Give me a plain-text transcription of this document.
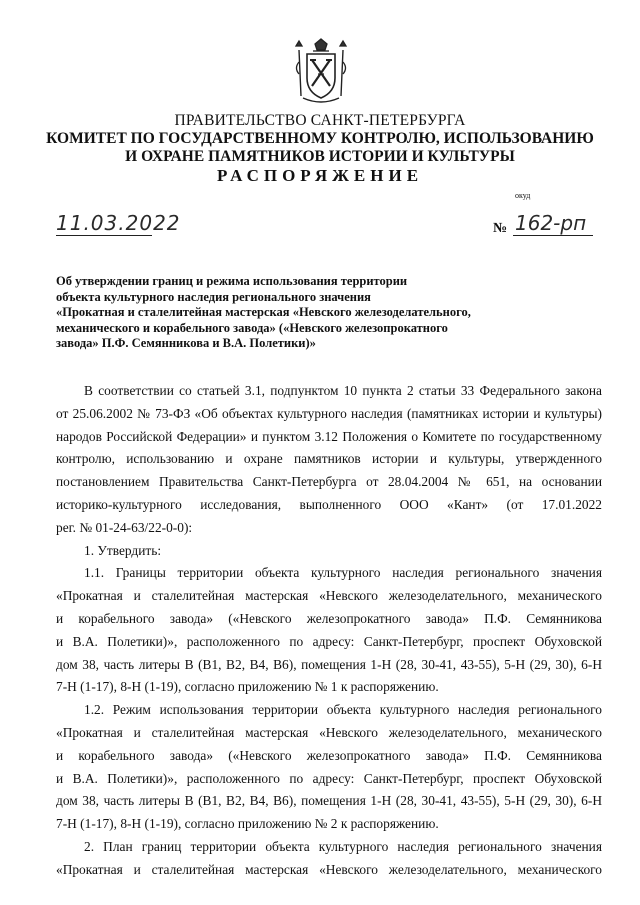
ПРАВИТЕЛЬСТВО САНКТ-ПЕТЕРБУРГА
КОМИТЕТ ПО ГОСУДАРСТВЕННОМУ КОНТРОЛЮ, ИСПОЛЬЗОВАНИЮ
И ОХРАНЕ ПАМЯТНИКОВ ИСТОРИИ И КУЛЬТУРЫ
РАСПОРЯЖЕНИЕ
окуд
11.03.2022	№ 162-рп
Об утверждении границ и режима использования территории
объекта культурного наследия регионального значения
«Прокатная и сталелитейная мастерская «Невского железоделательного,
механического и корабельного завода» («Невского железопрокатного
завода» П.Ф. Семянникова и В.А. Полетики)»
В соответствии со статьей 3.1, подпунктом 10 пункта 2 статьи 33 Федерального закона
от 25.06.2002 № 73-ФЗ «Об объектах культурного наследия (памятниках истории и культуры)
народов Российской Федерации» и пунктом 3.12 Положения о Комитете по государственному
контролю, использованию и охране памятников истории и культуры, утвержденного
постановлением Правительства Санкт-Петербурга от 28.04.2004 № 651, на основании
историко-культурного исследования, выполненного ООО «Кант» (от 17.01.2022
рег. № 01-24-63/22-0-0):
1. Утвердить:
1.1. Границы территории объекта культурного наследия регионального значения
«Прокатная и сталелитейная мастерская «Невского железоделательного, механического
и корабельного завода» («Невского железопрокатного завода» П.Ф. Семянникова
и В.А. Полетики)», расположенного по адресу: Санкт-Петербург, проспект Обуховской
дом 38, часть литеры В (В1, В2, В4, В6), помещения 1-Н (28, 30-41, 43-55), 5-Н (29, 30), 6-Н
7-Н (1-17), 8-Н (1-19), согласно приложению № 1 к распоряжению.
1.2. Режим использования территории объекта культурного наследия регионального
«Прокатная и сталелитейная мастерская «Невского железоделательного, механического
и корабельного завода» («Невского железопрокатного завода» П.Ф. Семянникова
и В.А. Полетики)», расположенного по адресу: Санкт-Петербург, проспект Обуховской
дом 38, часть литеры В (В1, В2, В4, В6), помещения 1-Н (28, 30-41, 43-55), 5-Н (29, 30), 6-Н
7-Н (1-17), 8-Н (1-19), согласно приложению № 2 к распоряжению.
2. План границ территории объекта культурного наследия регионального значения
«Прокатная и сталелитейная мастерская «Невского железоделательного, механического
